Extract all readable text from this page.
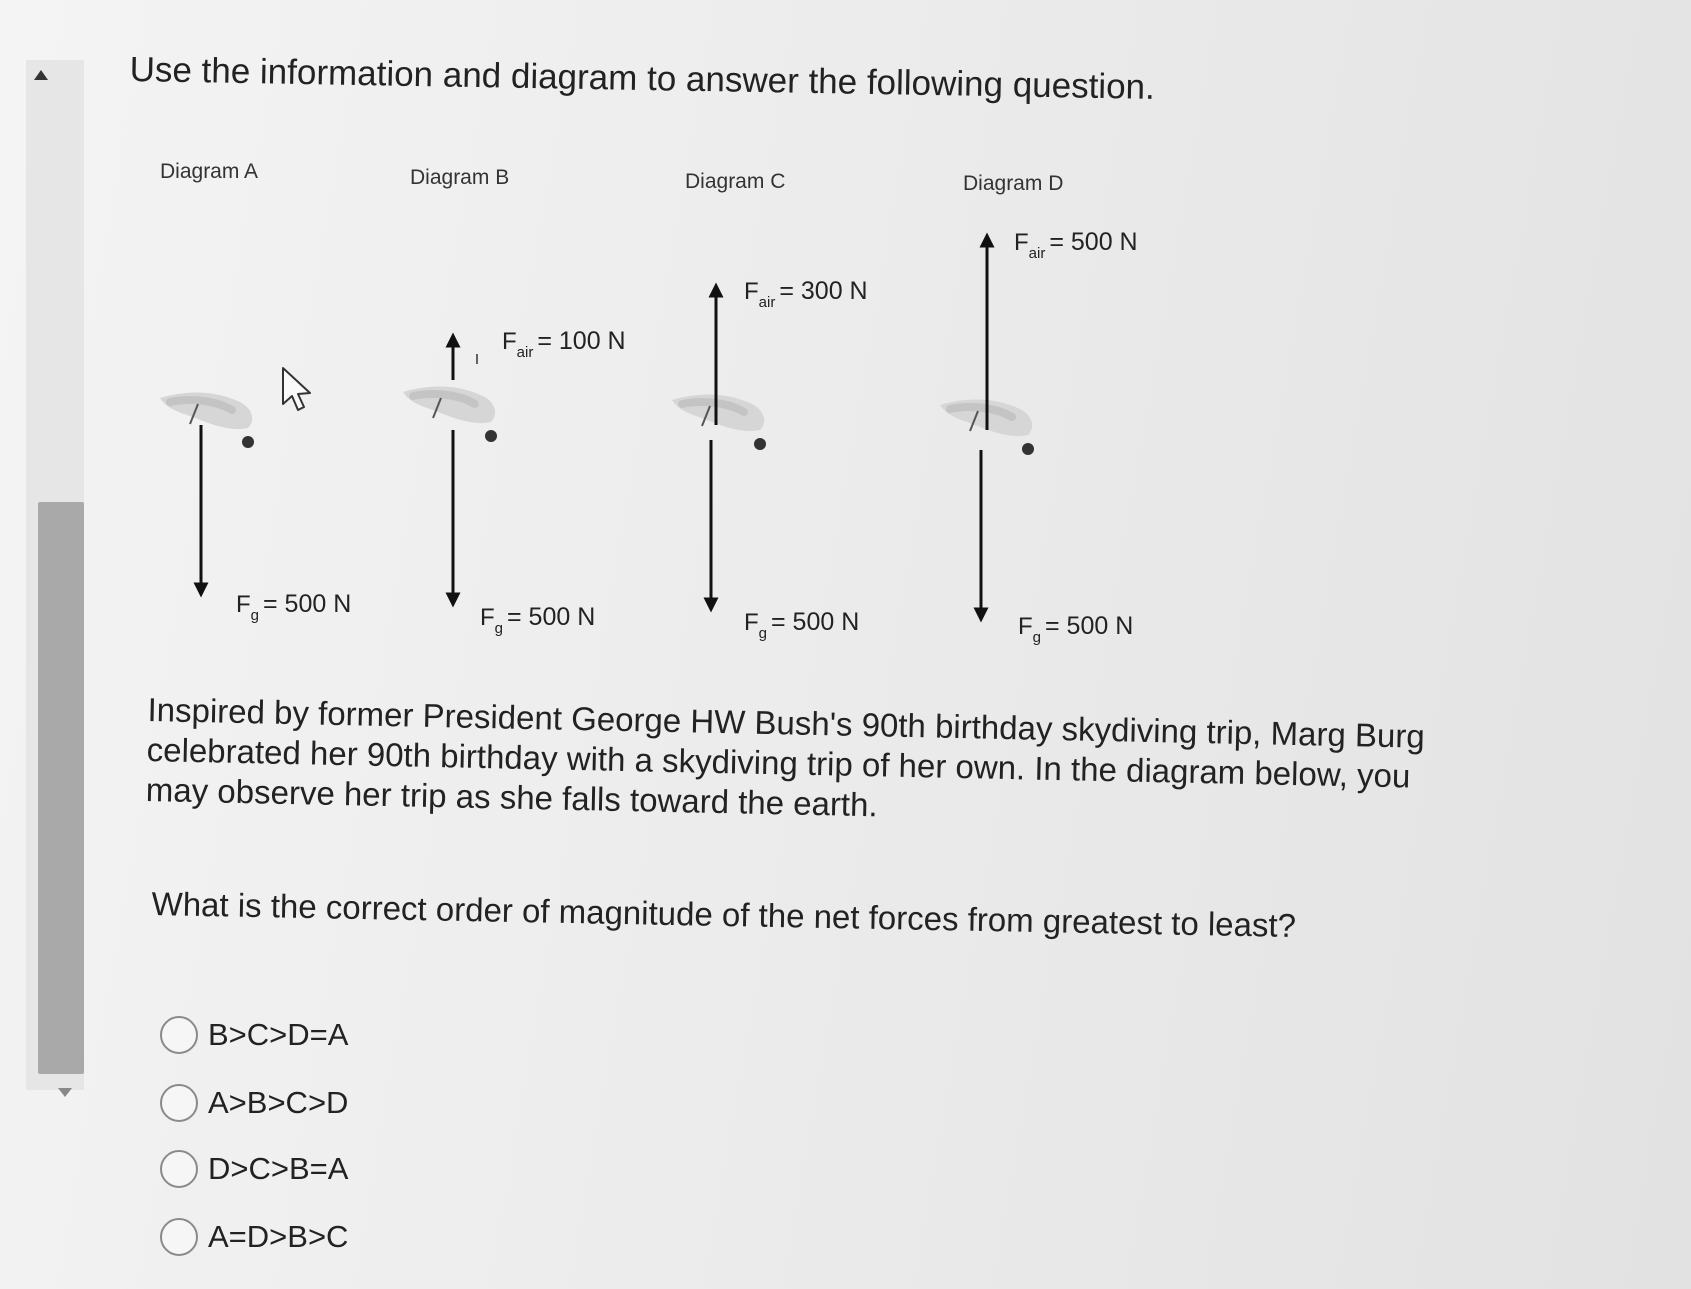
Use the information and diagram to answer the following question.
Diagram A	Diagram B	Diagram C	Diagram D
$F_g = 500$ N
$F_{air} = 100$ N
$F_g = 500$ N
$F_{air} = 300$ N
$F_g = 500$ N
$F_{air} = 500$ N
$F_g = 500$ N
Inspired by former President George HW Bush's 90th birthday skydiving trip, Marg Burg celebrated her 90th birthday with a skydiving trip of her own. In the diagram below, you may observe her trip as she falls toward the earth.
What is the correct order of magnitude of the net forces from greatest to least?
B>C>D=A
A>B>C>D
D>C>B=A
A=D>B>C
